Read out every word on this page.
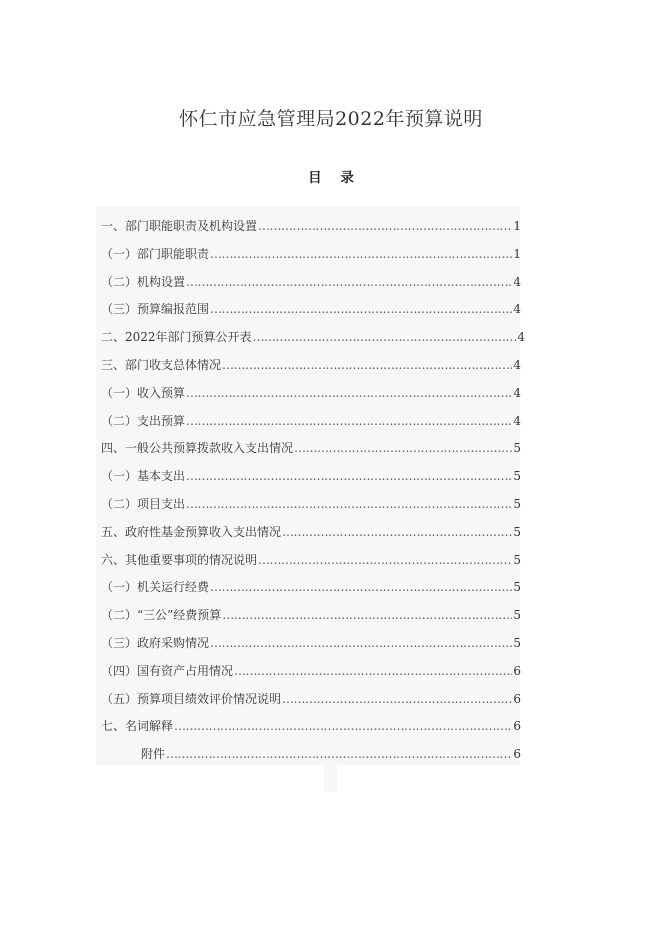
怀仁市应急管理局2022年预算说明
目 录
一、部门职能职责及机构设置 …………………………………………………………………………………………………………………………………………	1
（一）部门职能职责 …………………………………………………………………………………………………………………………………………	1
（二）机构设置 …………………………………………………………………………………………………………………………………………	4
（三）预算编报范围 …………………………………………………………………………………………………………………………………………	4
二、2022年部门预算公开表 …………………………………………………………………………………………………………………………………………	4
三、部门收支总体情况 …………………………………………………………………………………………………………………………………………	4
（一）收入预算 …………………………………………………………………………………………………………………………………………	4
（二）支出预算 …………………………………………………………………………………………………………………………………………	4
四、一般公共预算拨款收入支出情况 …………………………………………………………………………………………………………………………………………	5
（一）基本支出 …………………………………………………………………………………………………………………………………………	5
（二）项目支出 …………………………………………………………………………………………………………………………………………	5
五、政府性基金预算收入支出情况 …………………………………………………………………………………………………………………………………………	5
六、其他重要事项的情况说明 …………………………………………………………………………………………………………………………………………	5
（一）机关运行经费 …………………………………………………………………………………………………………………………………………	5
（二）“三公”经费预算 …………………………………………………………………………………………………………………………………………	5
（三）政府采购情况 …………………………………………………………………………………………………………………………………………	5
（四）国有资产占用情况 …………………………………………………………………………………………………………………………………………	6
（五）预算项目绩效评价情况说明 …………………………………………………………………………………………………………………………………………	6
七、名词解释 …………………………………………………………………………………………………………………………………………	6
附件 …………………………………………………………………………………………………………………………………………	6
